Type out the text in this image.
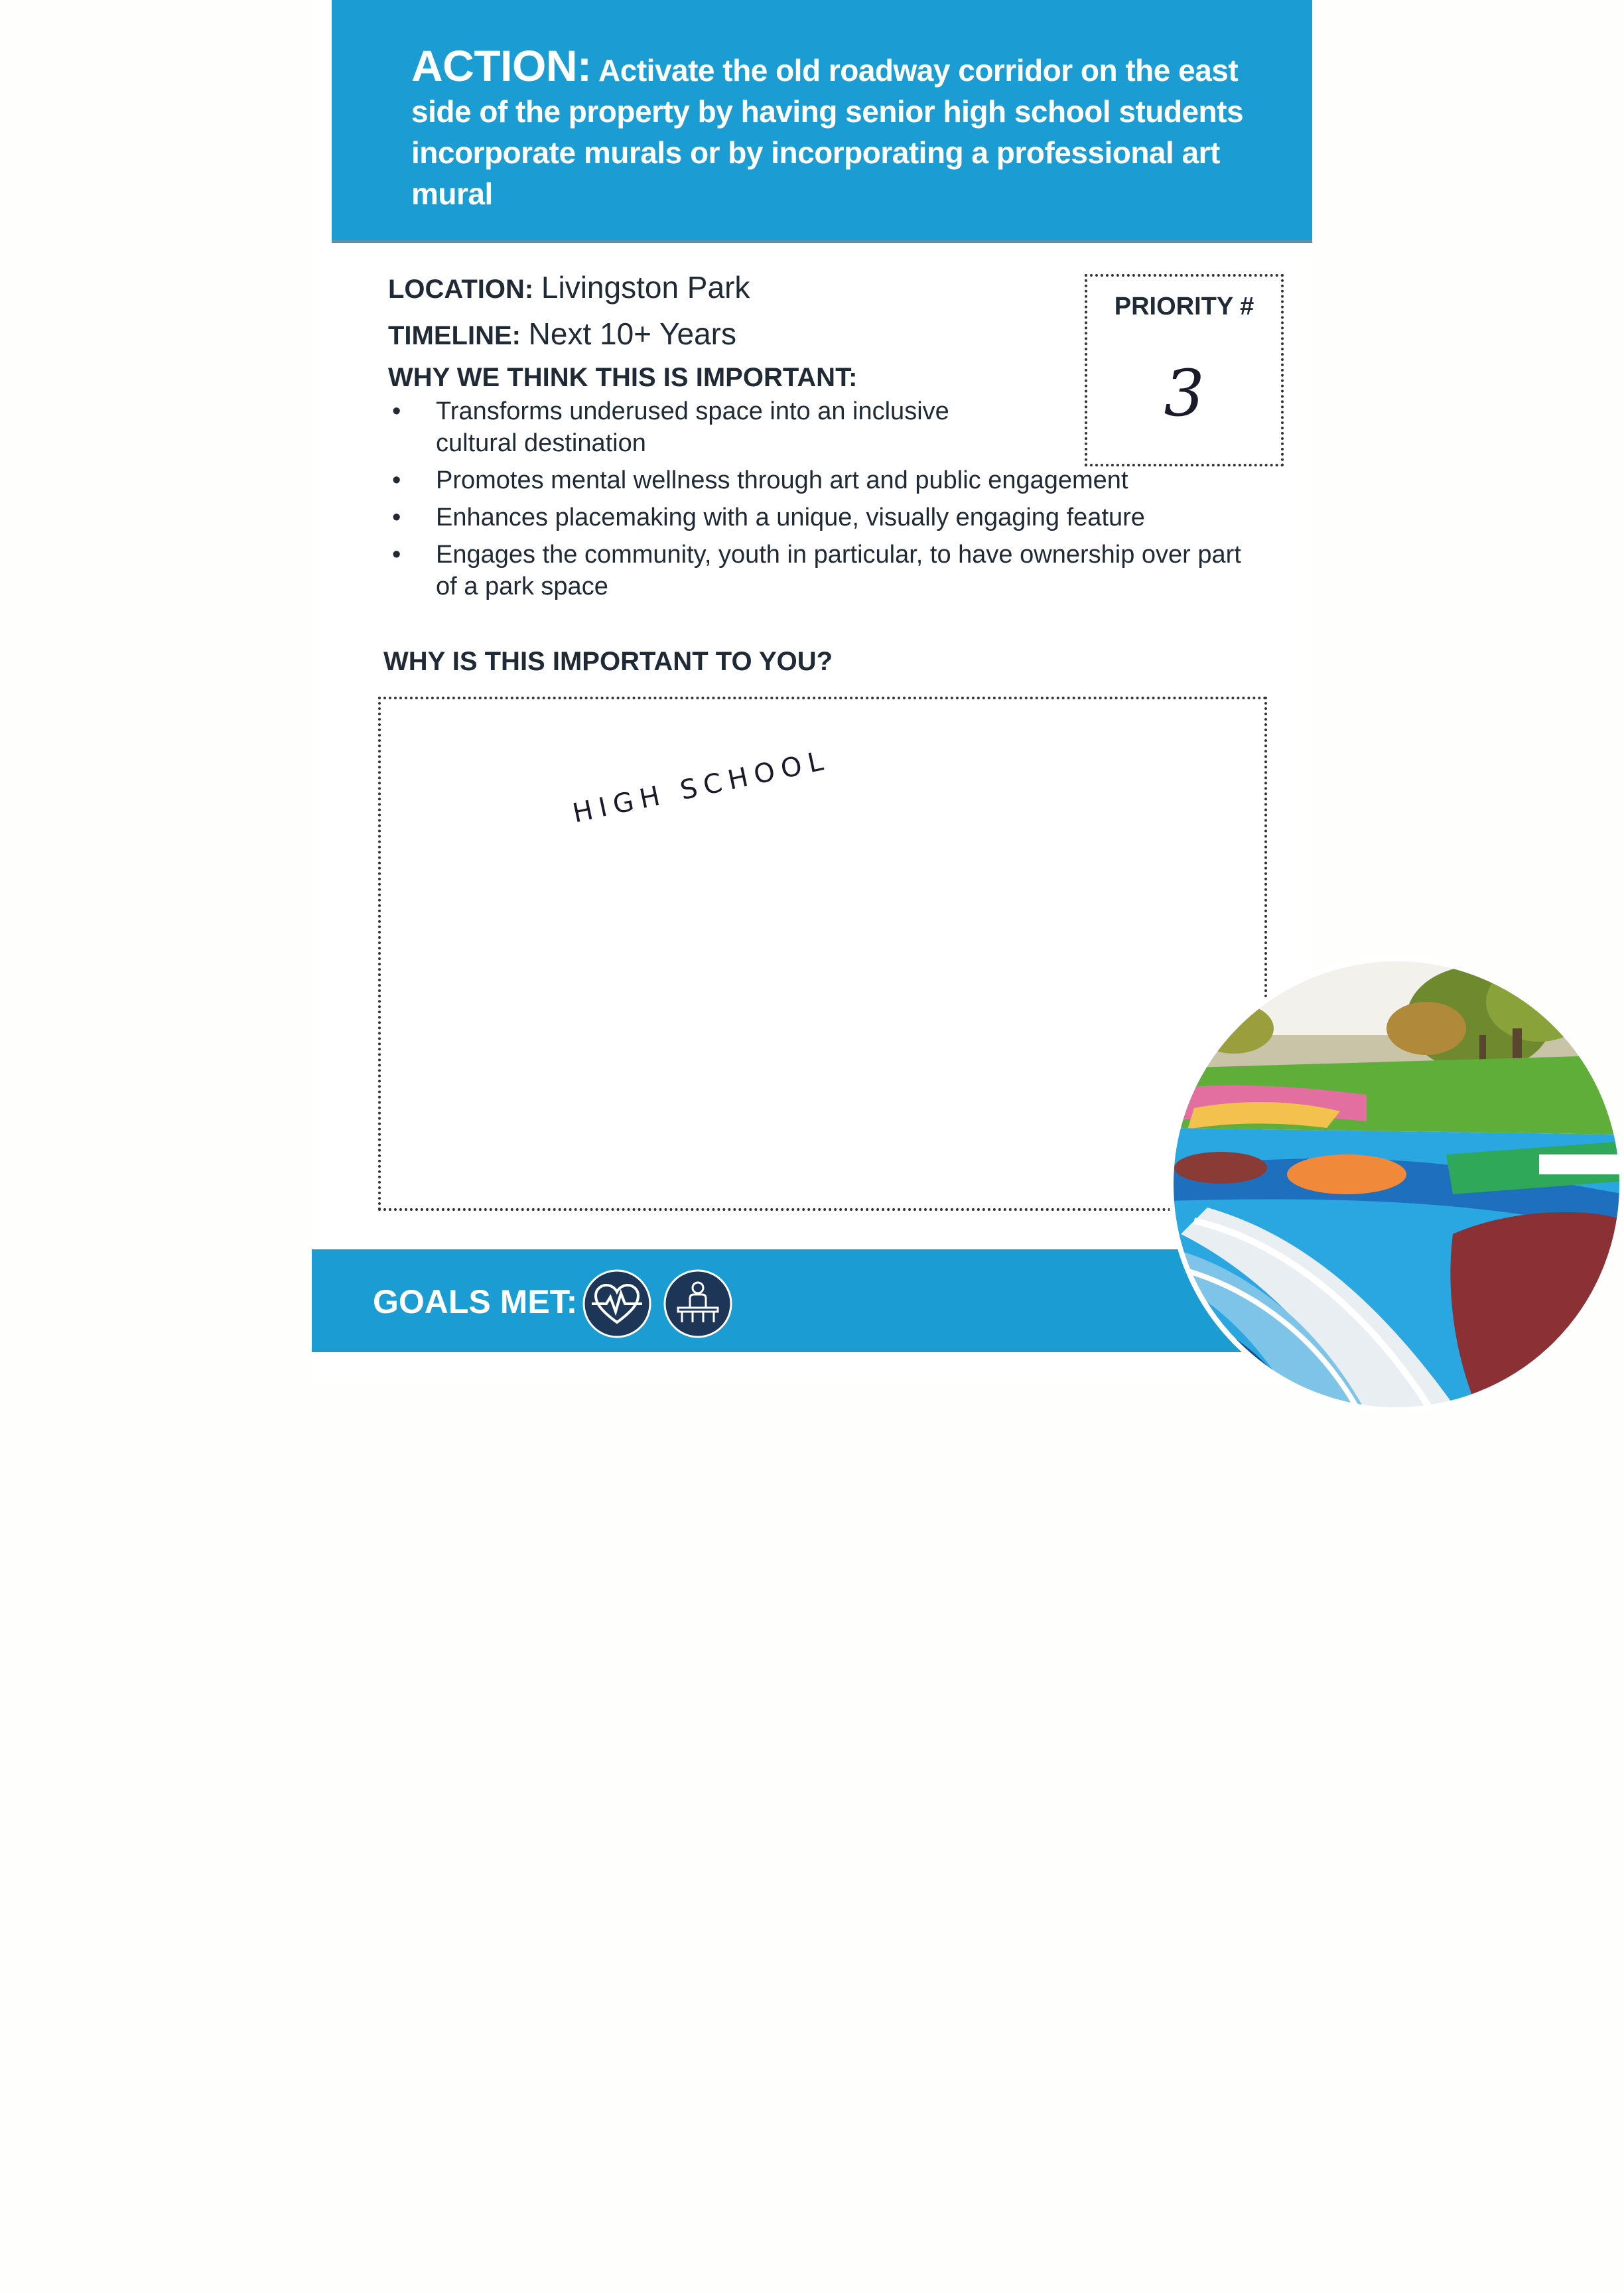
ACTION: Activate the old roadway corridor on the east side of the property by having senior high school students incorporate murals or by incorporating a professional art mural
LOCATION: Livingston Park
TIMELINE: Next 10+ Years
WHY WE THINK THIS IS IMPORTANT:
• Transforms underused space into an inclusive cultural destination
• Promotes mental wellness through art and public engagement
• Enhances placemaking with a unique, visually engaging feature
• Engages the community, youth in particular, to have ownership over part of a park space
PRIORITY #
3
WHY IS THIS IMPORTANT TO YOU?
HIGH SCHOOL
GOALS MET:
